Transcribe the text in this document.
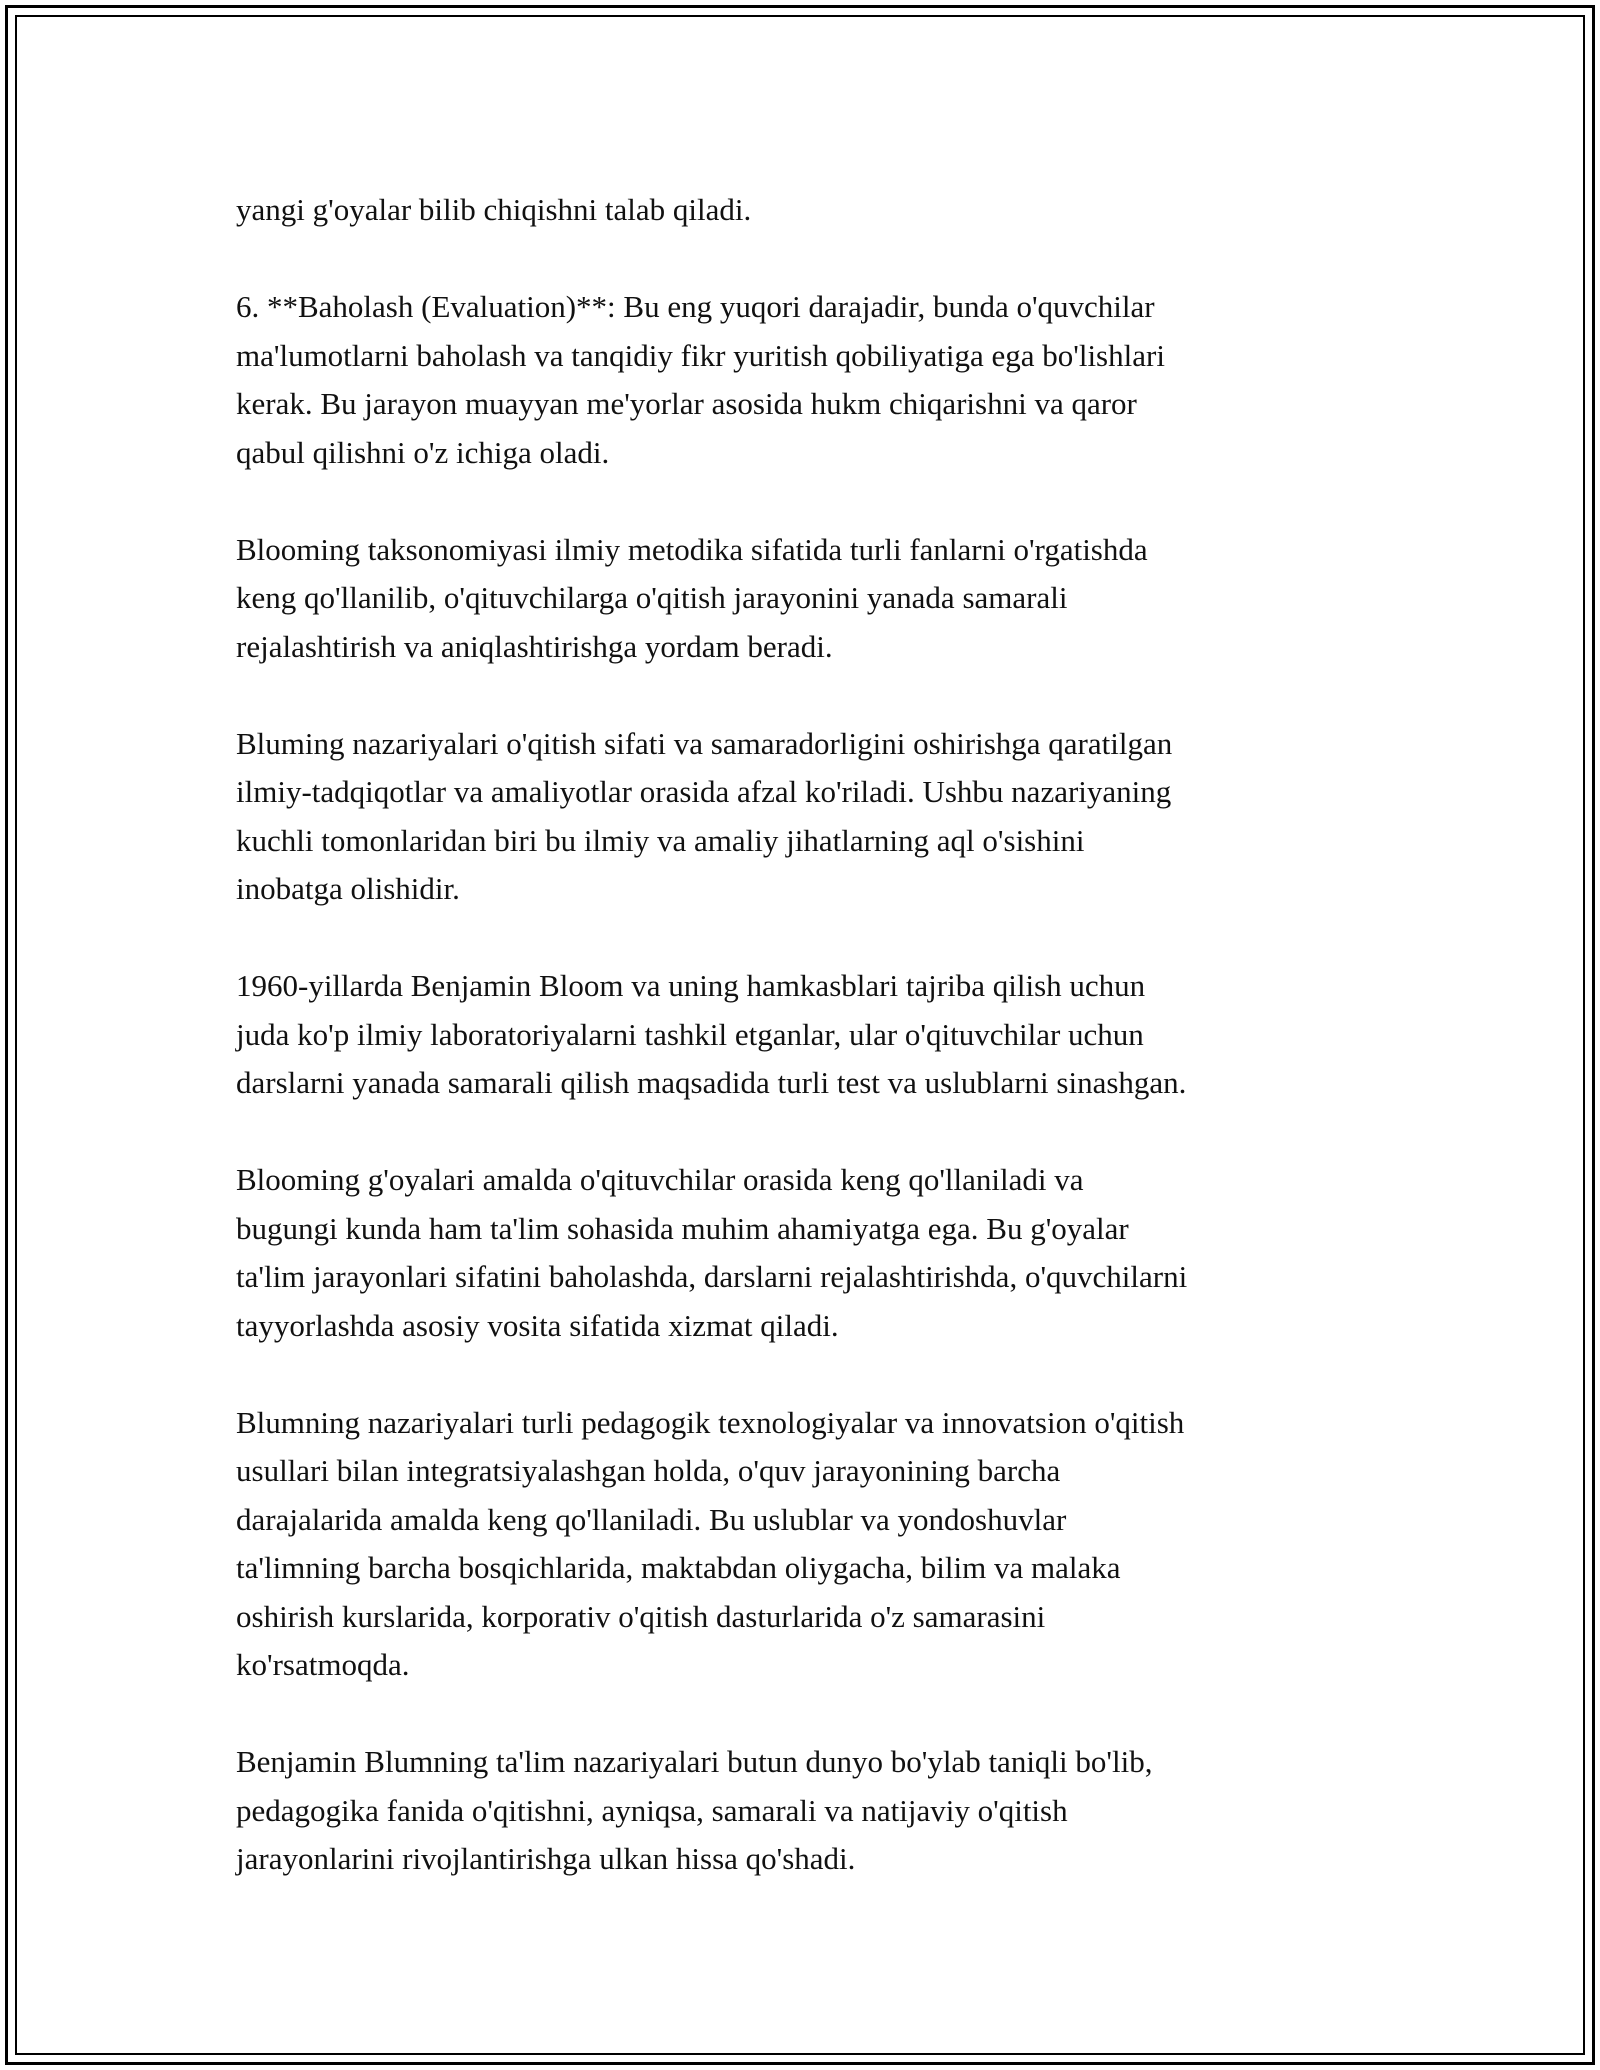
yangi g'oyalar bilib chiqishni talab qiladi.

6. **Baholash (Evaluation)**: Bu eng yuqori darajadir, bunda o'quvchilar
ma'lumotlarni baholash va tanqidiy fikr yuritish qobiliyatiga ega bo'lishlari
kerak. Bu jarayon muayyan me'yorlar asosida hukm chiqarishni va qaror
qabul qilishni o'z ichiga oladi.

Blooming taksonomiyasi ilmiy metodika sifatida turli fanlarni o'rgatishda
keng qo'llanilib, o'qituvchilarga o'qitish jarayonini yanada samarali
rejalashtirish va aniqlashtirishga yordam beradi.

Bluming nazariyalari o'qitish sifati va samaradorligini oshirishga qaratilgan
ilmiy-tadqiqotlar va amaliyotlar orasida afzal ko'riladi. Ushbu nazariyaning
kuchli tomonlaridan biri bu ilmiy va amaliy jihatlarning aql o'sishini
inobatga olishidir.

1960-yillarda Benjamin Bloom va uning hamkasblari tajriba qilish uchun
juda ko'p ilmiy laboratoriyalarni tashkil etganlar, ular o'qituvchilar uchun
darslarni yanada samarali qilish maqsadida turli test va uslublarni sinashgan.

Blooming g'oyalari amalda o'qituvchilar orasida keng qo'llaniladi va
bugungi kunda ham ta'lim sohasida muhim ahamiyatga ega. Bu g'oyalar
ta'lim jarayonlari sifatini baholashda, darslarni rejalashtirishda, o'quvchilarni
tayyorlashda asosiy vosita sifatida xizmat qiladi.

Blumning nazariyalari turli pedagogik texnologiyalar va innovatsion o'qitish
usullari bilan integratsiyalashgan holda, o'quv jarayonining barcha
darajalarida amalda keng qo'llaniladi. Bu uslublar va yondoshuvlar
ta'limning barcha bosqichlarida, maktabdan oliygacha, bilim va malaka
oshirish kurslarida, korporativ o'qitish dasturlarida o'z samarasini
ko'rsatmoqda.

Benjamin Blumning ta'lim nazariyalari butun dunyo bo'ylab taniqli bo'lib,
pedagogika fanida o'qitishni, ayniqsa, samarali va natijaviy o'qitish
jarayonlarini rivojlantirishga ulkan hissa qo'shadi.
